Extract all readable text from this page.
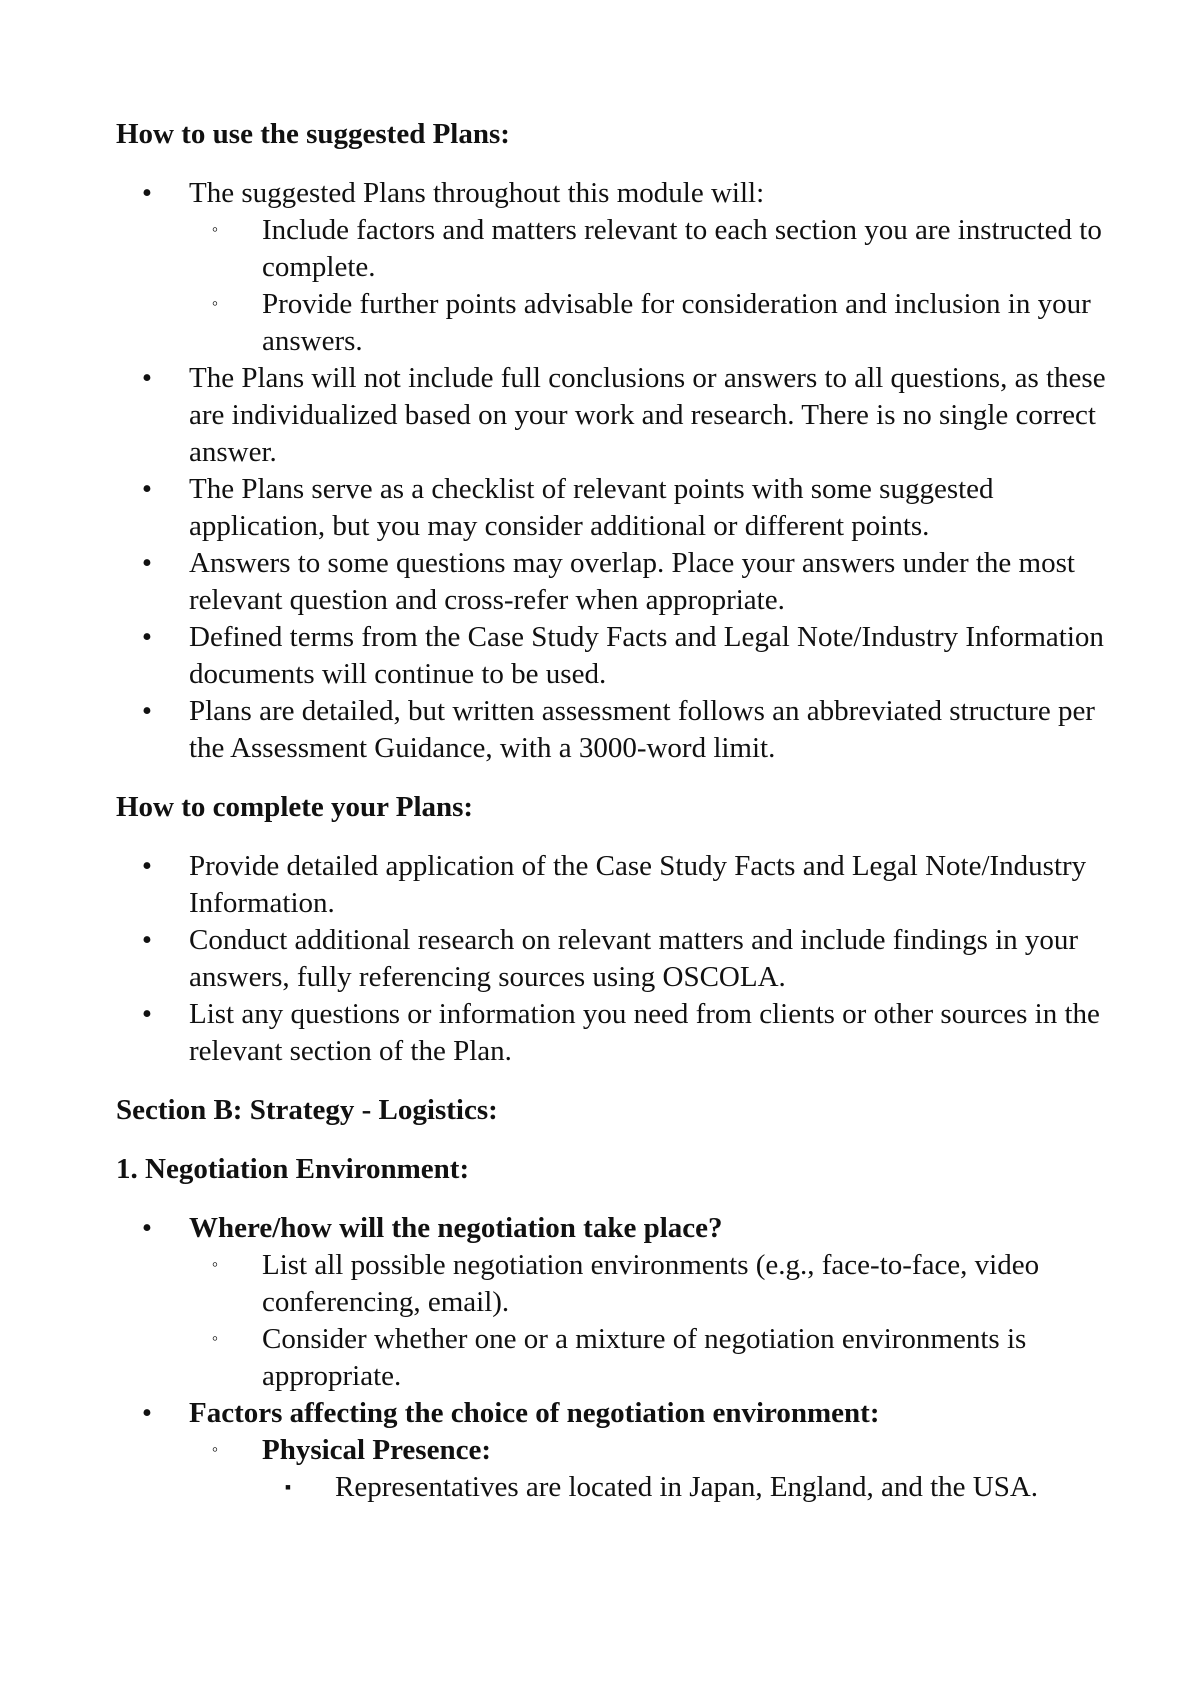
How to use the suggested Plans:
• The suggested Plans throughout this module will:
◦ Include factors and matters relevant to each section you are instructed to complete.
◦ Provide further points advisable for consideration and inclusion in your answers.
• The Plans will not include full conclusions or answers to all questions, as these are individualized based on your work and research. There is no single correct answer.
• The Plans serve as a checklist of relevant points with some suggested application, but you may consider additional or different points.
• Answers to some questions may overlap. Place your answers under the most relevant question and cross-refer when appropriate.
• Defined terms from the Case Study Facts and Legal Note/Industry Information documents will continue to be used.
• Plans are detailed, but written assessment follows an abbreviated structure per the Assessment Guidance, with a 3000-word limit.
How to complete your Plans:
• Provide detailed application of the Case Study Facts and Legal Note/Industry Information.
• Conduct additional research on relevant matters and include findings in your answers, fully referencing sources using OSCOLA.
• List any questions or information you need from clients or other sources in the relevant section of the Plan.
Section B: Strategy - Logistics:
1. Negotiation Environment:
• Where/how will the negotiation take place?
◦ List all possible negotiation environments (e.g., face-to-face, video conferencing, email).
◦ Consider whether one or a mixture of negotiation environments is appropriate.
• Factors affecting the choice of negotiation environment:
◦ Physical Presence:
▪ Representatives are located in Japan, England, and the USA.
